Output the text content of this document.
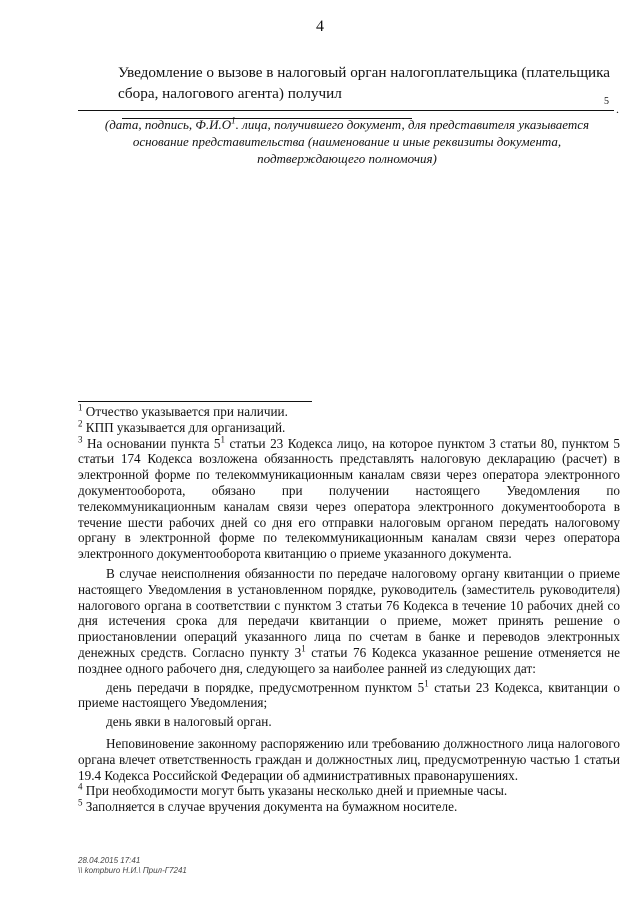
4
Уведомление о вызове в налоговый орган налогоплательщика (плательщика сбора, налогового агента) получил	5
.
(дата, подпись, $Ф.И.О^1$. лица, получившего документ, для представителя указывается основание представительства (наименование и иные реквизиты документа, подтверждающего полномочия)

$^1$ Отчество указывается при наличии.

$^2$ КПП указывается для организаций.

$^3$ На основании пункта $5^1$ статьи 23 Кодекса лицо, на которое пунктом 3 статьи 80, пунктом 5 статьи 174 Кодекса возложена обязанность представлять налоговую декларацию (расчет) в электронной форме по телекоммуникационным каналам связи через оператора электронного документооборота, обязано при получении настоящего Уведомления по телекоммуникационным каналам связи через оператора электронного документооборота в течение шести рабочих дней со дня его отправки налоговым органом передать налоговому органу в электронной форме по телекоммуникационным каналам связи через оператора электронного документооборота квитанцию о приеме указанного документа.

В случае неисполнения обязанности по передаче налоговому органу квитанции о приеме настоящего Уведомления в установленном порядке, руководитель (заместитель руководителя) налогового органа в соответствии с пунктом 3 статьи 76 Кодекса в течение 10 рабочих дней со дня истечения срока для передачи квитанции о приеме, может принять решение о приостановлении операций указанного лица по счетам в банке и переводов электронных денежных средств. Согласно пункту $3^1$ статьи 76 Кодекса указанное решение отменяется не позднее одного рабочего дня, следующего за наиболее ранней из следующих дат:

день передачи в порядке, предусмотренном пунктом $5^1$ статьи 23 Кодекса, квитанции о приеме настоящего Уведомления;

день явки в налоговый орган.

Неповиновение законному распоряжению или требованию должностного лица налогового органа влечет ответственность граждан и должностных лиц, предусмотренную частью 1 статьи 19.4 Кодекса Российской Федерации об административных правонарушениях.

$^4$ При необходимости могут быть указаны несколько дней и приемные часы.

$^5$ Заполняется в случае вручения документа на бумажном носителе.

28.04.2015 17:41
\\ kompburo Н.И.\ Прил-Г7241
